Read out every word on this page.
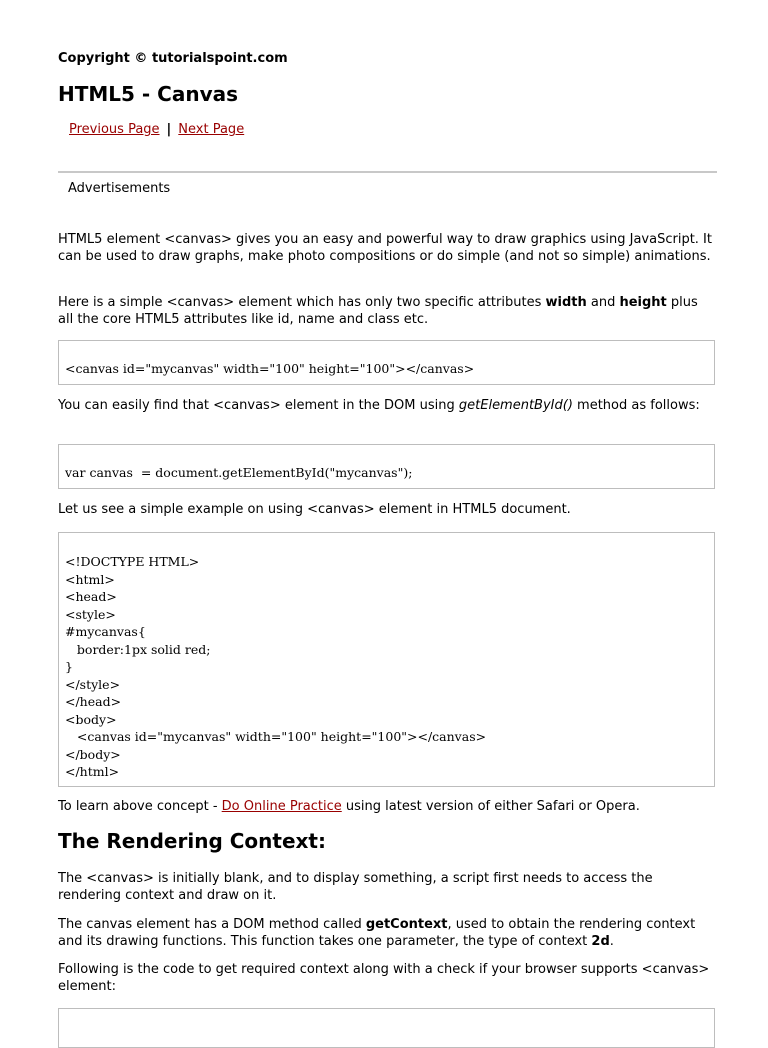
Copyright © tutorialspoint.com
HTML5 - Canvas
Previous Page | Next Page
Advertisements

HTML5 element <canvas> gives you an easy and powerful way to draw graphics using JavaScript. It can be used to draw graphs, make photo compositions or do simple (and not so simple) animations.

Here is a simple <canvas> element which has only two specific attributes width and height plus all the core HTML5 attributes like id, name and class etc.

<canvas id="mycanvas" width="100" height="100"></canvas>

You can easily find that <canvas> element in the DOM using getElementById() method as follows:

var canvas  = document.getElementById("mycanvas");

Let us see a simple example on using <canvas> element in HTML5 document.

<!DOCTYPE HTML>
<html>
<head>
<style>
#mycanvas{
border:1px solid red;
}
</style>
</head>
<body>
<canvas id="mycanvas" width="100" height="100"></canvas>
</body>
</html>

To learn above concept - Do Online Practice using latest version of either Safari or Opera.

The Rendering Context:

The <canvas> is initially blank, and to display something, a script first needs to access the rendering context and draw on it.

The canvas element has a DOM method called getContext, used to obtain the rendering context and its drawing functions. This function takes one parameter, the type of context 2d.

Following is the code to get required context along with a check if your browser supports <canvas> element:
